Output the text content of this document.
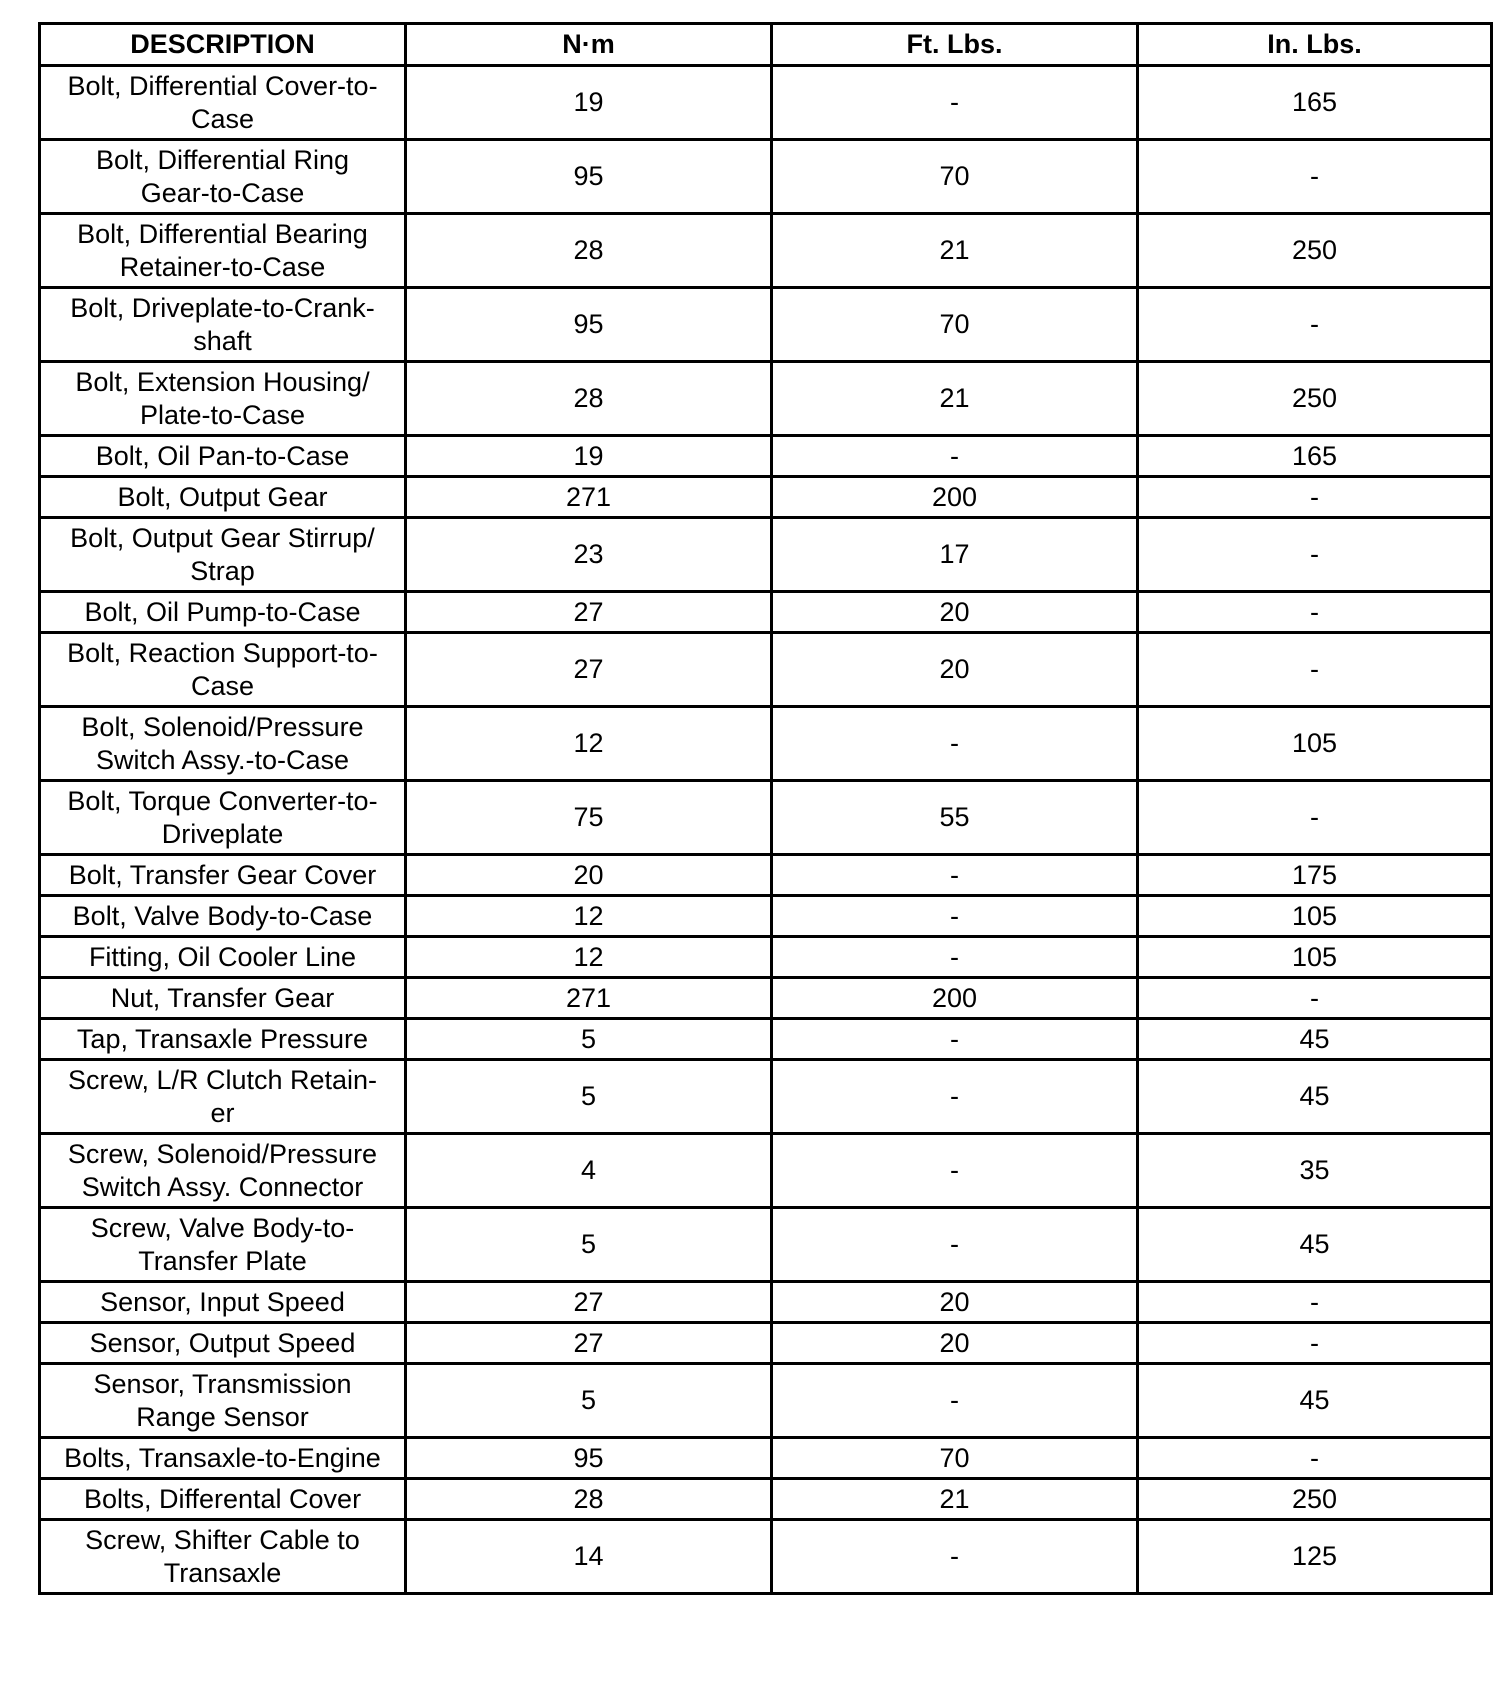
DESCRIPTION	N·m	Ft. Lbs.	In. Lbs.
Bolt, Differential Cover-to-
Case	19	-	165
Bolt, Differential Ring
Gear-to-Case	95	70	-
Bolt, Differential Bearing
Retainer-to-Case	28	21	250
Bolt, Driveplate-to-Crank-
shaft	95	70	-
Bolt, Extension Housing/
Plate-to-Case	28	21	250
Bolt, Oil Pan-to-Case	19	-	165
Bolt, Output Gear	271	200	-
Bolt, Output Gear Stirrup/
Strap	23	17	-
Bolt, Oil Pump-to-Case	27	20	-
Bolt, Reaction Support-to-
Case	27	20	-
Bolt, Solenoid/Pressure
Switch Assy.-to-Case	12	-	105
Bolt, Torque Converter-to-
Driveplate	75	55	-
Bolt, Transfer Gear Cover	20	-	175
Bolt, Valve Body-to-Case	12	-	105
Fitting, Oil Cooler Line	12	-	105
Nut, Transfer Gear	271	200	-
Tap, Transaxle Pressure	5	-	45
Screw, L/R Clutch Retain-
er	5	-	45
Screw, Solenoid/Pressure
Switch Assy. Connector	4	-	35
Screw, Valve Body-to-
Transfer Plate	5	-	45
Sensor, Input Speed	27	20	-
Sensor, Output Speed	27	20	-
Sensor, Transmission
Range Sensor	5	-	45
Bolts, Transaxle-to-Engine	95	70	-
Bolts, Differental Cover	28	21	250
Screw, Shifter Cable to
Transaxle	14	-	125
